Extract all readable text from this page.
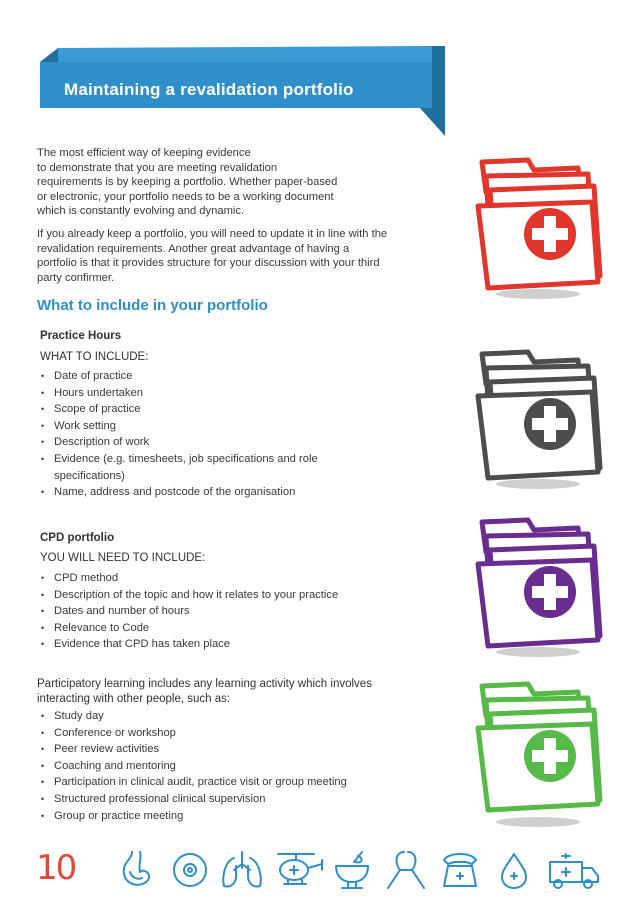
Maintaining a revalidation portfolio
The most efficient way of keeping evidence
to demonstrate that you are meeting revalidation
requirements is by keeping a portfolio. Whether paper-based
or electronic, your portfolio needs to be a working document
which is constantly evolving and dynamic.
If you already keep a portfolio, you will need to update it in line with the
revalidation requirements. Another great advantage of having a
portfolio is that it provides structure for your discussion with your third
party confirmer.
What to include in your portfolio
Practice Hours
WHAT TO INCLUDE:
• Date of practice
• Hours undertaken
• Scope of practice
• Work setting
• Description of work
• Evidence (e.g. timesheets, job specifications and role
specifications)
• Name, address and postcode of the organisation
CPD portfolio
YOU WILL NEED TO INCLUDE:
• CPD method
• Description of the topic and how it relates to your practice
• Dates and number of hours
• Relevance to Code
• Evidence that CPD has taken place
Participatory learning includes any learning activity which involves
interacting with other people, such as:
• Study day
• Conference or workshop
• Peer review activities
• Coaching and mentoring
• Participation in clinical audit, practice visit or group meeting
• Structured professional clinical supervision
• Group or practice meeting
10
